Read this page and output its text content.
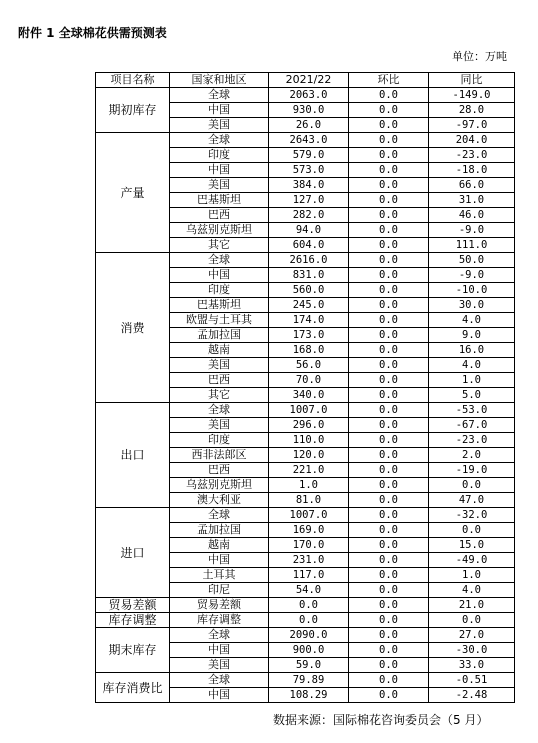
附件 1 全球棉花供需预测表
单位：万吨
项目名称	国家和地区	2021/22	环比	同比
期初库存	全球	2063.0	0.0	-149.0
	中国	930.0	0.0	28.0
	美国	26.0	0.0	-97.0
产量	全球	2643.0	0.0	204.0
	印度	579.0	0.0	-23.0
	中国	573.0	0.0	-18.0
	美国	384.0	0.0	66.0
	巴基斯坦	127.0	0.0	31.0
	巴西	282.0	0.0	46.0
	乌兹别克斯坦	94.0	0.0	-9.0
	其它	604.0	0.0	111.0
消费	全球	2616.0	0.0	50.0
	中国	831.0	0.0	-9.0
	印度	560.0	0.0	-10.0
	巴基斯坦	245.0	0.0	30.0
	欧盟与土耳其	174.0	0.0	4.0
	孟加拉国	173.0	0.0	9.0
	越南	168.0	0.0	16.0
	美国	56.0	0.0	4.0
	巴西	70.0	0.0	1.0
	其它	340.0	0.0	5.0
出口	全球	1007.0	0.0	-53.0
	美国	296.0	0.0	-67.0
	印度	110.0	0.0	-23.0
	西非法郎区	120.0	0.0	2.0
	巴西	221.0	0.0	-19.0
	乌兹别克斯坦	1.0	0.0	0.0
	澳大利亚	81.0	0.0	47.0
进口	全球	1007.0	0.0	-32.0
	孟加拉国	169.0	0.0	0.0
	越南	170.0	0.0	15.0
	中国	231.0	0.0	-49.0
	土耳其	117.0	0.0	1.0
	印尼	54.0	0.0	4.0
贸易差额	贸易差额	0.0	0.0	21.0
库存调整	库存调整	0.0	0.0	0.0
期末库存	全球	2090.0	0.0	27.0
	中国	900.0	0.0	-30.0
	美国	59.0	0.0	33.0
库存消费比	全球	79.89	0.0	-0.51
	中国	108.29	0.0	-2.48
数据来源：国际棉花咨询委员会（5 月）
